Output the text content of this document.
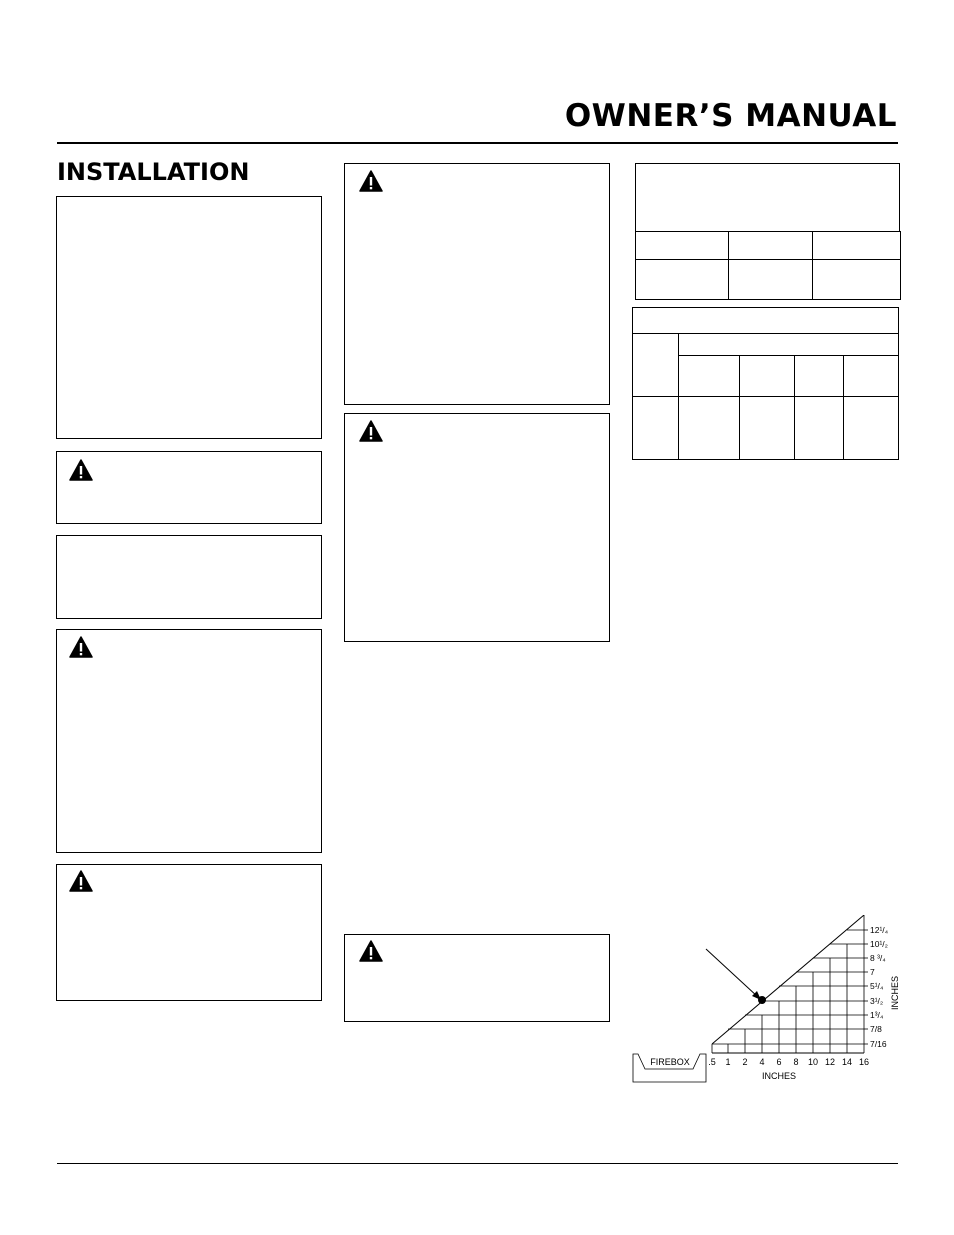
OWNER’S MANUAL
INSTALLATION

.5 1 2 4 6 8 10 12 14 16
7/16
7/8
1³/₄
3¹/₂
5¹/₄
7
8 ³/₄
10¹/₂
12¹/₄
INCHES
INCHES
FIREBOX
